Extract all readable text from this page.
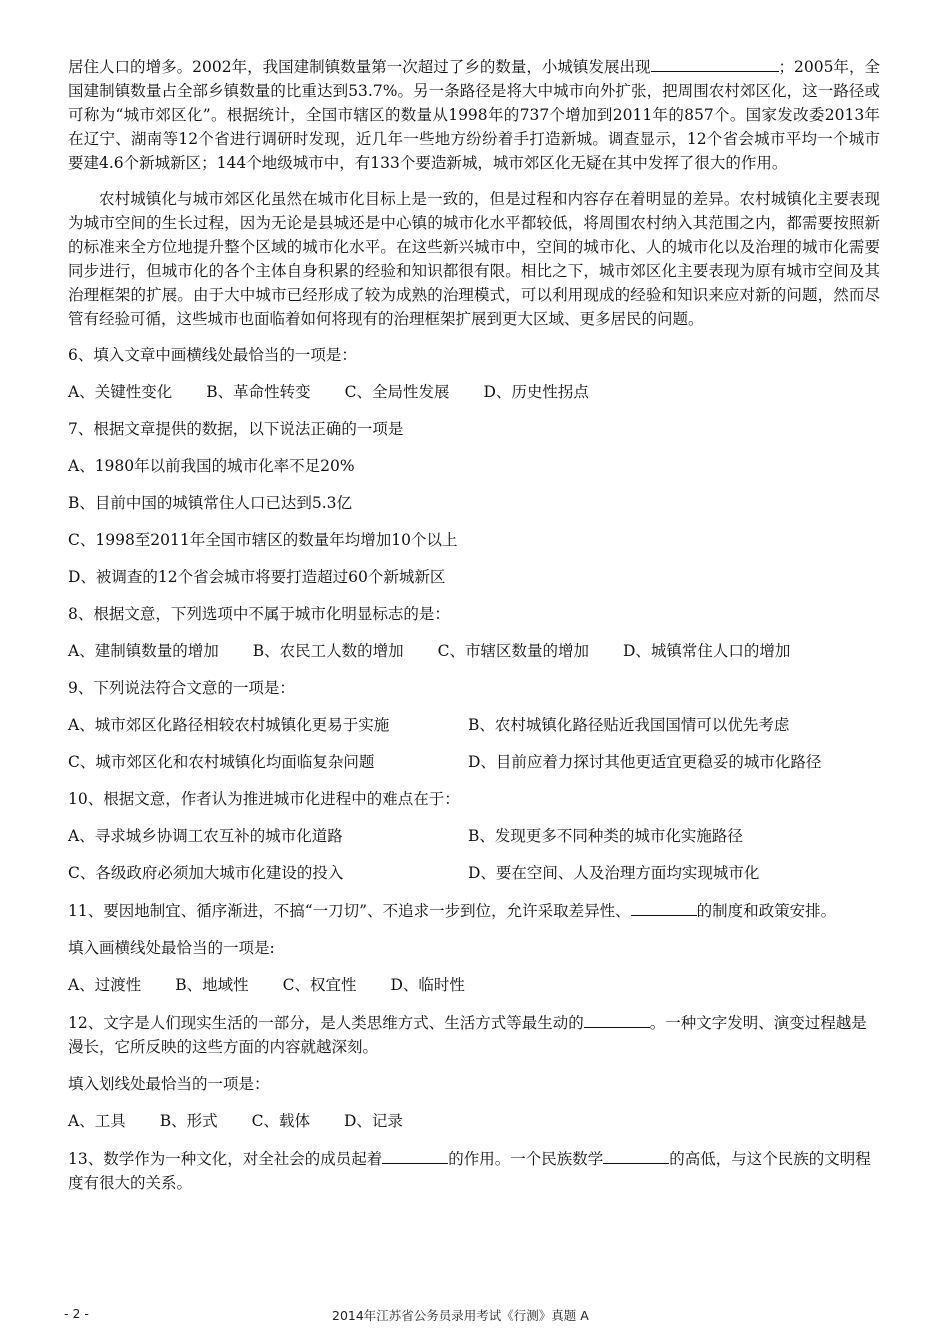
居住人口的增多。2002年，我国建制镇数量第一次超过了乡的数量，小城镇发展出现	；2005年，全国建制镇数量占全部乡镇数量的比重达到53.7%。另一条路径是将大中城市向外扩张，把周围农村郊区化，这一路径或可称为“城市郊区化”。根据统计，全国市辖区的数量从1998年的737个增加到2011年的857个。国家发改委2013年在辽宁、湖南等12个省进行调研时发现，近几年一些地方纷纷着手打造新城。调查显示，12个省会城市平均一个城市要建4.6个新城新区；144个地级城市中，有133个要造新城，城市郊区化无疑在其中发挥了很大的作用。

农村城镇化与城市郊区化虽然在城市化目标上是一致的，但是过程和内容存在着明显的差异。农村城镇化主要表现为城市空间的生长过程，因为无论是县城还是中心镇的城市化水平都较低，将周围农村纳入其范围之内，都需要按照新的标准来全方位地提升整个区域的城市化水平。在这些新兴城市中，空间的城市化、人的城市化以及治理的城市化需要同步进行，但城市化的各个主体自身积累的经验和知识都很有限。相比之下，城市郊区化主要表现为原有城市空间及其治理框架的扩展。由于大中城市已经形成了较为成熟的治理模式，可以利用现成的经验和知识来应对新的问题，然而尽管有经验可循，这些城市也面临着如何将现有的治理框架扩展到更大区域、更多居民的问题。

6、填入文章中画横线处最恰当的一项是：

A、关键性变化 B、革命性转变 C、全局性发展 D、历史性拐点

7、根据文章提供的数据，以下说法正确的一项是

A、1980年以前我国的城市化率不足20%

B、目前中国的城镇常住人口已达到5.3亿

C、1998至2011年全国市辖区的数量年均增加10个以上

D、被调查的12个省会城市将要打造超过60个新城新区

8、根据文意，下列选项中不属于城市化明显标志的是：

A、建制镇数量的增加 B、农民工人数的增加 C、市辖区数量的增加 D、城镇常住人口的增加

9、下列说法符合文意的一项是：

A、城市郊区化路径相较农村城镇化更易于实施	B、农村城镇化路径贴近我国国情可以优先考虑

C、城市郊区化和农村城镇化均面临复杂问题	D、目前应着力探讨其他更适宜更稳妥的城市化路径

10、根据文意，作者认为推进城市化进程中的难点在于：

A、寻求城乡协调工农互补的城市化道路	B、发现更多不同种类的城市化实施路径

C、各级政府必须加大城市化建设的投入	D、要在空间、人及治理方面均实现城市化

11、要因地制宜、循序渐进，不搞“一刀切”、不追求一步到位，允许采取差异性、	的制度和政策安排。

填入画横线处最恰当的一项是:

A、过渡性 B、地域性 C、权宜性 D、临时性

12、文字是人们现实生活的一部分，是人类思维方式、生活方式等最生动的	。一种文字发明、演变过程越是漫长，它所反映的这些方面的内容就越深刻。

填入划线处最恰当的一项是：

A、工具 B、形式 C、载体 D、记录

13、数学作为一种文化，对全社会的成员起着	的作用。一个民族数学	的高低，与这个民族的文明程度有很大的关系。

- 2 -	2014年江苏省公务员录用考试《行测》真题 A
